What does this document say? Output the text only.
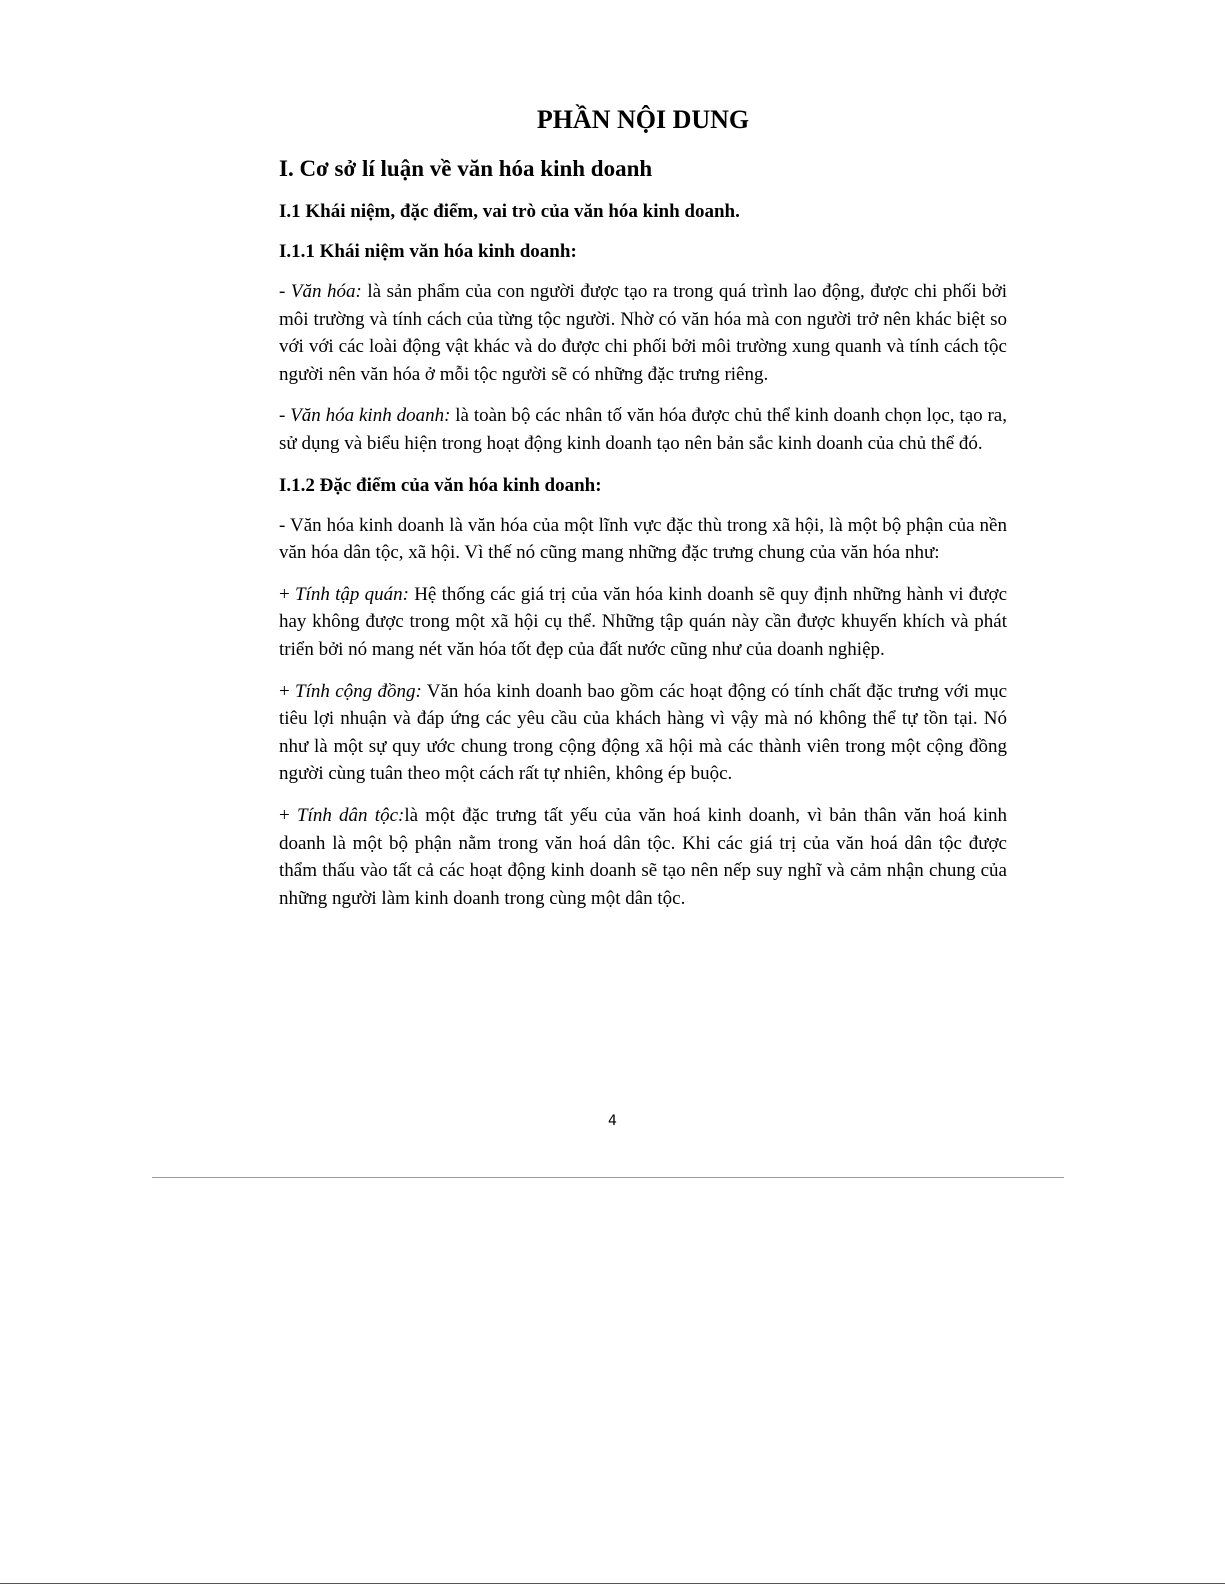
PHẦN NỘI DUNG
I. Cơ sở lí luận về văn hóa kinh doanh
I.1 Khái niệm, đặc điểm, vai trò của văn hóa kinh doanh.
I.1.1 Khái niệm văn hóa kinh doanh:

- Văn hóa: là sản phẩm của con người được tạo ra trong quá trình lao động, được chi phối bởi môi trường và tính cách của từng tộc người. Nhờ có văn hóa mà con người trở nên khác biệt so với với các loài động vật khác và do được chi phối bởi môi trường xung quanh và tính cách tộc người nên văn hóa ở mỗi tộc người sẽ có những đặc trưng riêng.

- Văn hóa kinh doanh: là toàn bộ các nhân tố văn hóa được chủ thể kinh doanh chọn lọc, tạo ra, sử dụng và biểu hiện trong hoạt động kinh doanh tạo nên bản sắc kinh doanh của chủ thể đó.

I.1.2 Đặc điểm của văn hóa kinh doanh:

- Văn hóa kinh doanh là văn hóa của một lĩnh vực đặc thù trong xã hội, là một bộ phận của nền văn hóa dân tộc, xã hội. Vì thế nó cũng mang những đặc trưng chung của văn hóa như:

+ Tính tập quán: Hệ thống các giá trị của văn hóa kinh doanh sẽ quy định những hành vi được hay không được trong một xã hội cụ thể. Những tập quán này cần được khuyến khích và phát triển bởi nó mang nét văn hóa tốt đẹp của đất nước cũng như của doanh nghiệp.

+ Tính cộng đồng: Văn hóa kinh doanh bao gồm các hoạt động có tính chất đặc trưng với mục tiêu lợi nhuận và đáp ứng các yêu cầu của khách hàng vì vậy mà nó không thể tự tồn tại. Nó như là một sự quy ước chung trong cộng động xã hội mà các thành viên trong một cộng đồng người cùng tuân theo một cách rất tự nhiên, không ép buộc.

+ Tính dân tộc:là một đặc trưng tất yếu của văn hoá kinh doanh, vì bản thân văn hoá kinh doanh là một bộ phận nằm trong văn hoá dân tộc. Khi các giá trị của văn hoá dân tộc được thẩm thấu vào tất cả các hoạt động kinh doanh sẽ tạo nên nếp suy nghĩ và cảm nhận chung của những người làm kinh doanh trong cùng một dân tộc.

4
